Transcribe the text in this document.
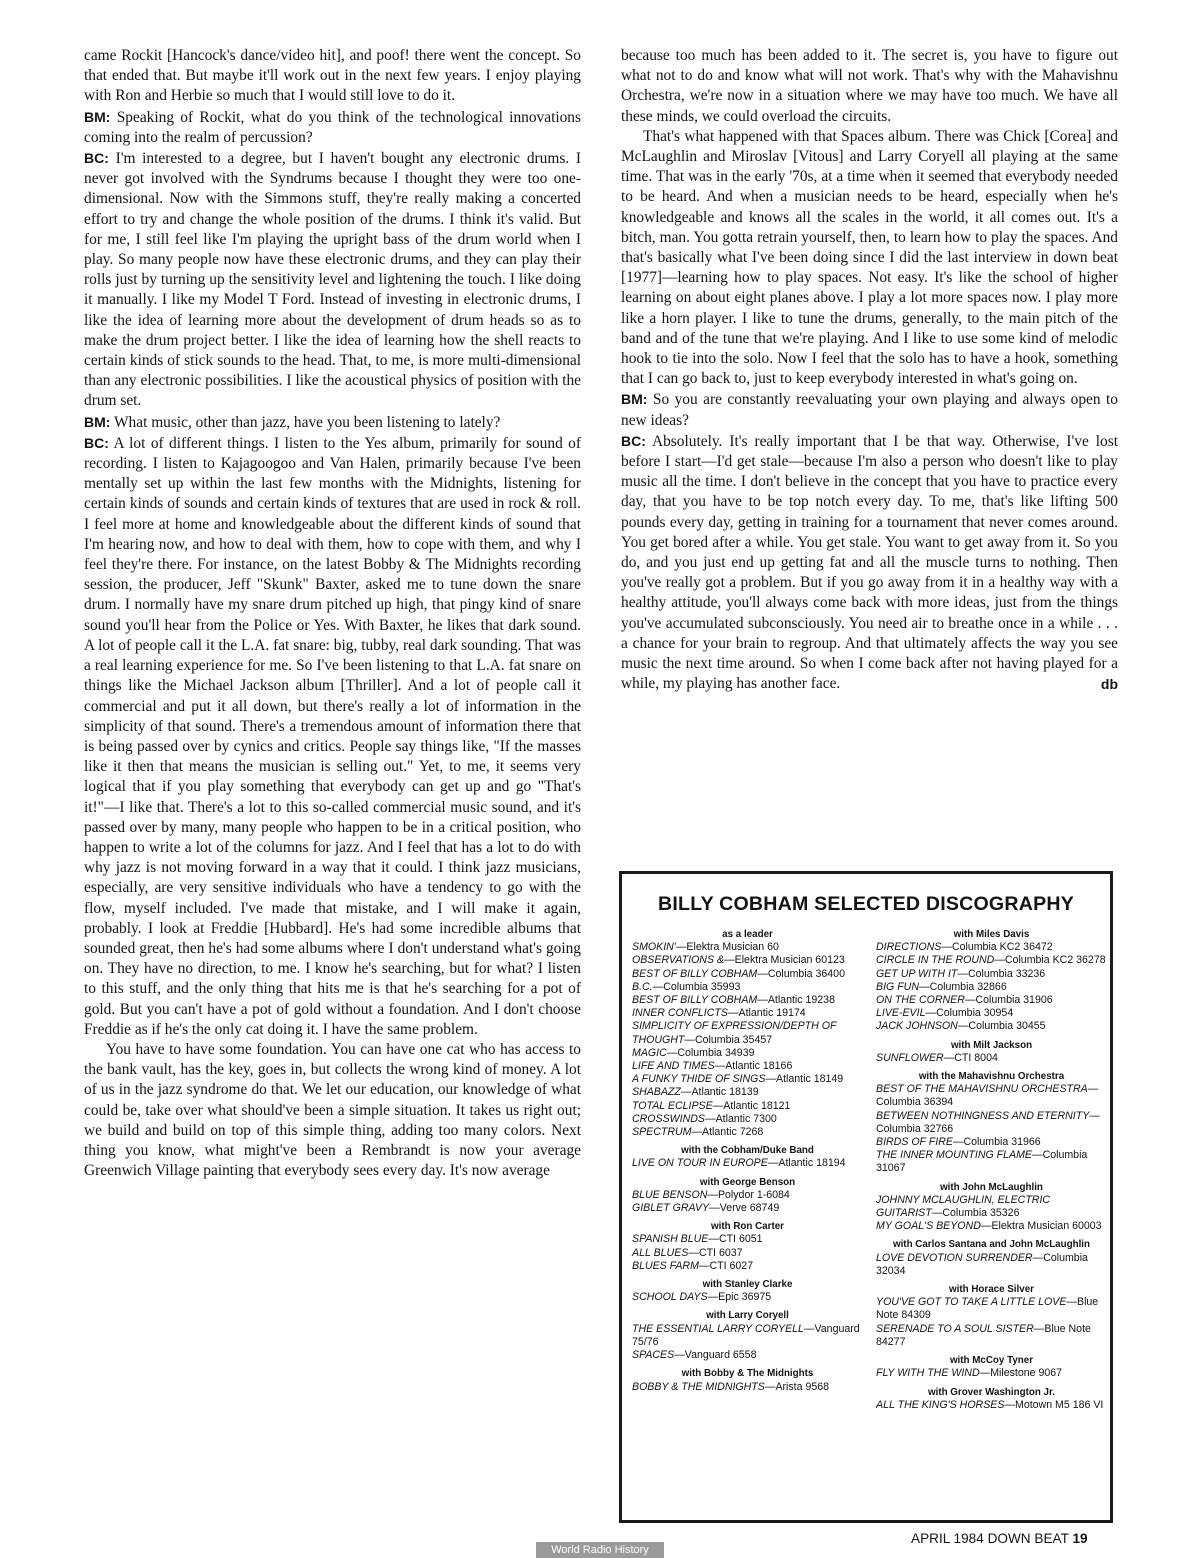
came Rockit [Hancock's dance/video hit], and poof! there went the concept. So that ended that. But maybe it'll work out in the next few years. I enjoy playing with Ron and Herbie so much that I would still love to do it.

BM: Speaking of Rockit, what do you think of the technological innovations coming into the realm of percussion?

BC: I'm interested to a degree, but I haven't bought any electronic drums. I never got involved with the Syndrums because I thought they were too one-dimensional. Now with the Simmons stuff, they're really making a concerted effort to try and change the whole position of the drums. I think it's valid. But for me, I still feel like I'm playing the upright bass of the drum world when I play. So many people now have these electronic drums, and they can play their rolls just by turning up the sensitivity level and lightening the touch. I like doing it manually. I like my Model T Ford. Instead of investing in electronic drums, I like the idea of learning more about the development of drum heads so as to make the drum project better. I like the idea of learning how the shell reacts to certain kinds of stick sounds to the head. That, to me, is more multi-dimensional than any electronic possibilities. I like the acoustical physics of position with the drum set.

BM: What music, other than jazz, have you been listening to lately?

BC: A lot of different things. I listen to the Yes album, primarily for sound of recording. I listen to Kajagoogoo and Van Halen, primarily because I've been mentally set up within the last few months with the Midnights, listening for certain kinds of sounds and certain kinds of textures that are used in rock & roll. I feel more at home and knowledgeable about the different kinds of sound that I'm hearing now, and how to deal with them, how to cope with them, and why I feel they're there. For instance, on the latest Bobby & The Midnights recording session, the producer, Jeff "Skunk" Baxter, asked me to tune down the snare drum. I normally have my snare drum pitched up high, that pingy kind of snare sound you'll hear from the Police or Yes. With Baxter, he likes that dark sound. A lot of people call it the L.A. fat snare: big, tubby, real dark sounding. That was a real learning experience for me. So I've been listening to that L.A. fat snare on things like the Michael Jackson album [Thriller]. And a lot of people call it commercial and put it all down, but there's really a lot of information in the simplicity of that sound. There's a tremendous amount of information there that is being passed over by cynics and critics. People say things like, "If the masses like it then that means the musician is selling out." Yet, to me, it seems very logical that if you play something that everybody can get up and go "That's it!"—I like that. There's a lot to this so-called commercial music sound, and it's passed over by many, many people who happen to be in a critical position, who happen to write a lot of the columns for jazz. And I feel that has a lot to do with why jazz is not moving forward in a way that it could. I think jazz musicians, especially, are very sensitive individuals who have a tendency to go with the flow, myself included. I've made that mistake, and I will make it again, probably. I look at Freddie [Hubbard]. He's had some incredible albums that sounded great, then he's had some albums where I don't understand what's going on. They have no direction, to me. I know he's searching, but for what? I listen to this stuff, and the only thing that hits me is that he's searching for a pot of gold. But you can't have a pot of gold without a foundation. And I don't choose Freddie as if he's the only cat doing it. I have the same problem.

You have to have some foundation. You can have one cat who has access to the bank vault, has the key, goes in, but collects the wrong kind of money. A lot of us in the jazz syndrome do that. We let our education, our knowledge of what could be, take over what should've been a simple situation. It takes us right out; we build and build on top of this simple thing, adding too many colors. Next thing you know, what might've been a Rembrandt is now your average Greenwich Village painting that everybody sees every day. It's now average

because too much has been added to it. The secret is, you have to figure out what not to do and know what will not work. That's why with the Mahavishnu Orchestra, we're now in a situation where we may have too much. We have all these minds, we could overload the circuits.

That's what happened with that Spaces album. There was Chick [Corea] and McLaughlin and Miroslav [Vitous] and Larry Coryell all playing at the same time. That was in the early '70s, at a time when it seemed that everybody needed to be heard. And when a musician needs to be heard, especially when he's knowledgeable and knows all the scales in the world, it all comes out. It's a bitch, man. You gotta retrain yourself, then, to learn how to play the spaces. And that's basically what I've been doing since I did the last interview in down beat [1977]—learning how to play spaces. Not easy. It's like the school of higher learning on about eight planes above. I play a lot more spaces now. I play more like a horn player. I like to tune the drums, generally, to the main pitch of the band and of the tune that we're playing. And I like to use some kind of melodic hook to tie into the solo. Now I feel that the solo has to have a hook, something that I can go back to, just to keep everybody interested in what's going on.

BM: So you are constantly reevaluating your own playing and always open to new ideas?

BC: Absolutely. It's really important that I be that way. Otherwise, I've lost before I start—I'd get stale—because I'm also a person who doesn't like to play music all the time. I don't believe in the concept that you have to practice every day, that you have to be top notch every day. To me, that's like lifting 500 pounds every day, getting in training for a tournament that never comes around. You get bored after a while. You get stale. You want to get away from it. So you do, and you just end up getting fat and all the muscle turns to nothing. Then you've really got a problem. But if you go away from it in a healthy way with a healthy attitude, you'll always come back with more ideas, just from the things you've accumulated subconsciously. You need air to breathe once in a while . . . a chance for your brain to regroup. And that ultimately affects the way you see music the next time around. So when I come back after not having played for a while, my playing has another face.	db

BILLY COBHAM SELECTED DISCOGRAPHY
as a leader
SMOKIN'—Elektra Musician 60
OBSERVATIONS &—Elektra Musician 60123
BEST OF BILLY COBHAM—Columbia 36400
B.C.—Columbia 35993
BEST OF BILLY COBHAM—Atlantic 19238
INNER CONFLICTS—Atlantic 19174
SIMPLICITY OF EXPRESSION/DEPTH OF THOUGHT—Columbia 35457
MAGIC—Columbia 34939
LIFE AND TIMES—Atlantic 18166
A FUNKY THIDE OF SINGS—Atlantic 18149
SHABAZZ—Atlantic 18139
TOTAL ECLIPSE—Atlantic 18121
CROSSWINDS—Atlantic 7300
SPECTRUM—Atlantic 7268
with the Cobham/Duke Band
LIVE ON TOUR IN EUROPE—Atlantic 18194
with George Benson
BLUE BENSON—Polydor 1-6084
GIBLET GRAVY—Verve 68749
with Ron Carter
SPANISH BLUE—CTI 6051
ALL BLUES—CTI 6037
BLUES FARM—CTI 6027
with Stanley Clarke
SCHOOL DAYS—Epic 36975
with Larry Coryell
THE ESSENTIAL LARRY CORYELL—Vanguard 75/76
SPACES—Vanguard 6558
with Bobby & The Midnights
BOBBY & THE MIDNIGHTS—Arista 9568
with Miles Davis
DIRECTIONS—Columbia KC2 36472
CIRCLE IN THE ROUND—Columbia KC2 36278
GET UP WITH IT—Columbia 33236
BIG FUN—Columbia 32866
ON THE CORNER—Columbia 31906
LIVE-EVIL—Columbia 30954
JACK JOHNSON—Columbia 30455
with Milt Jackson
SUNFLOWER—CTI 8004
with the Mahavishnu Orchestra
BEST OF THE MAHAVISHNU ORCHESTRA—Columbia 36394
BETWEEN NOTHINGNESS AND ETERNITY—Columbia 32766
BIRDS OF FIRE—Columbia 31966
THE INNER MOUNTING FLAME—Columbia 31067
with John McLaughlin
JOHNNY MCLAUGHLIN, ELECTRIC GUITARIST—Columbia 35326
MY GOAL'S BEYOND—Elektra Musician 60003
with Carlos Santana and John McLaughlin
LOVE DEVOTION SURRENDER—Columbia 32034
with Horace Silver
YOU'VE GOT TO TAKE A LITTLE LOVE—Blue Note 84309
SERENADE TO A SOUL SISTER—Blue Note 84277
with McCoy Tyner
FLY WITH THE WIND—Milestone 9067
with Grover Washington Jr.
ALL THE KING'S HORSES—Motown M5 186 VI
APRIL 1984 DOWN BEAT 19
World Radio History
